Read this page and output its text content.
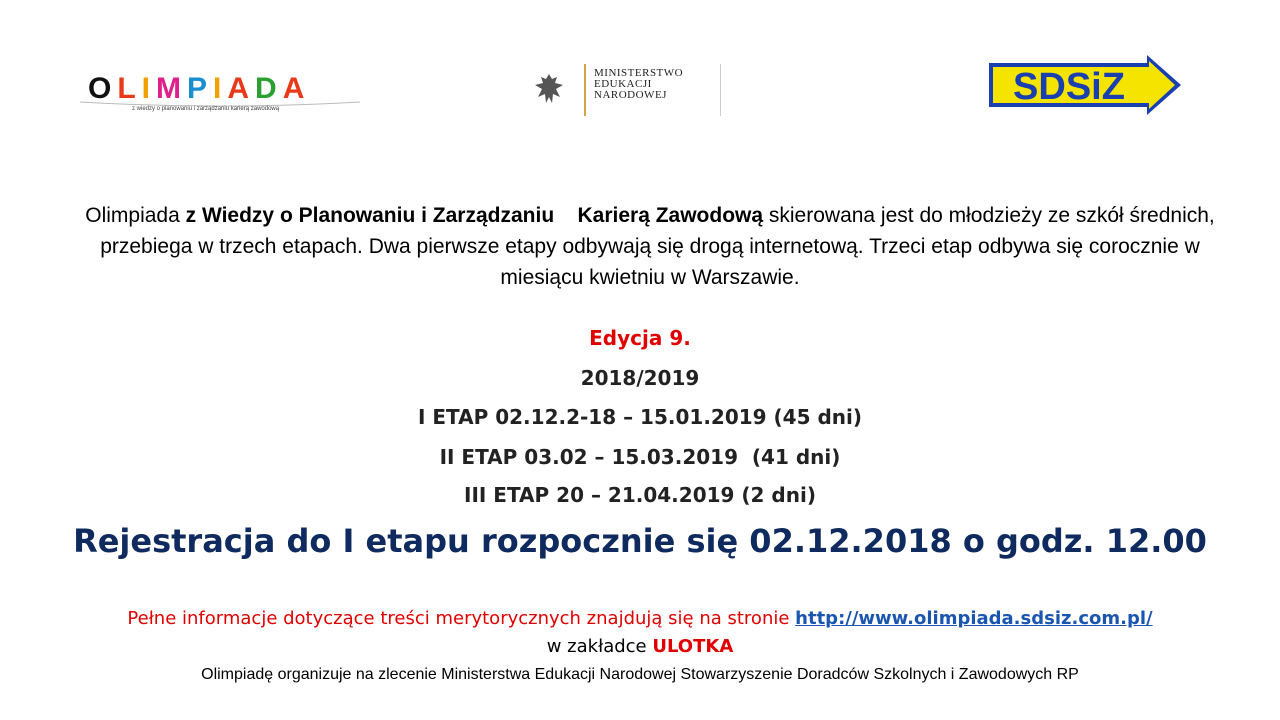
OLIMPIADA
z wiedzy o planowaniu i zarządzaniu karierą zawodową
MINISTERSTWO
EDUKACJI
NARODOWEJ	SDSiZ
Olimpiada z Wiedzy o Planowaniu i Zarządzaniu    Karierą Zawodową skierowana jest do młodzieży ze szkół średnich, przebiega w trzech etapach. Dwa pierwsze etapy odbywają się drogą internetową. Trzeci etap odbywa się corocznie w miesiącu kwietniu w Warszawie.
Edycja 9.
2018/2019
I ETAP 02.12.2-18 – 15.01.2019 (45 dni)
II ETAP 03.02 – 15.03.2019  (41 dni)
III ETAP 20 – 21.04.2019 (2 dni)
Rejestracja do I etapu rozpocznie się 02.12.2018 o godz. 12.00
Pełne informacje dotyczące treści merytorycznych znajdują się na stronie http://www.olimpiada.sdsiz.com.pl/
w zakładce ULOTKA
Olimpiadę organizuje na zlecenie Ministerstwa Edukacji Narodowej Stowarzyszenie Doradców Szkolnych i Zawodowych RP
